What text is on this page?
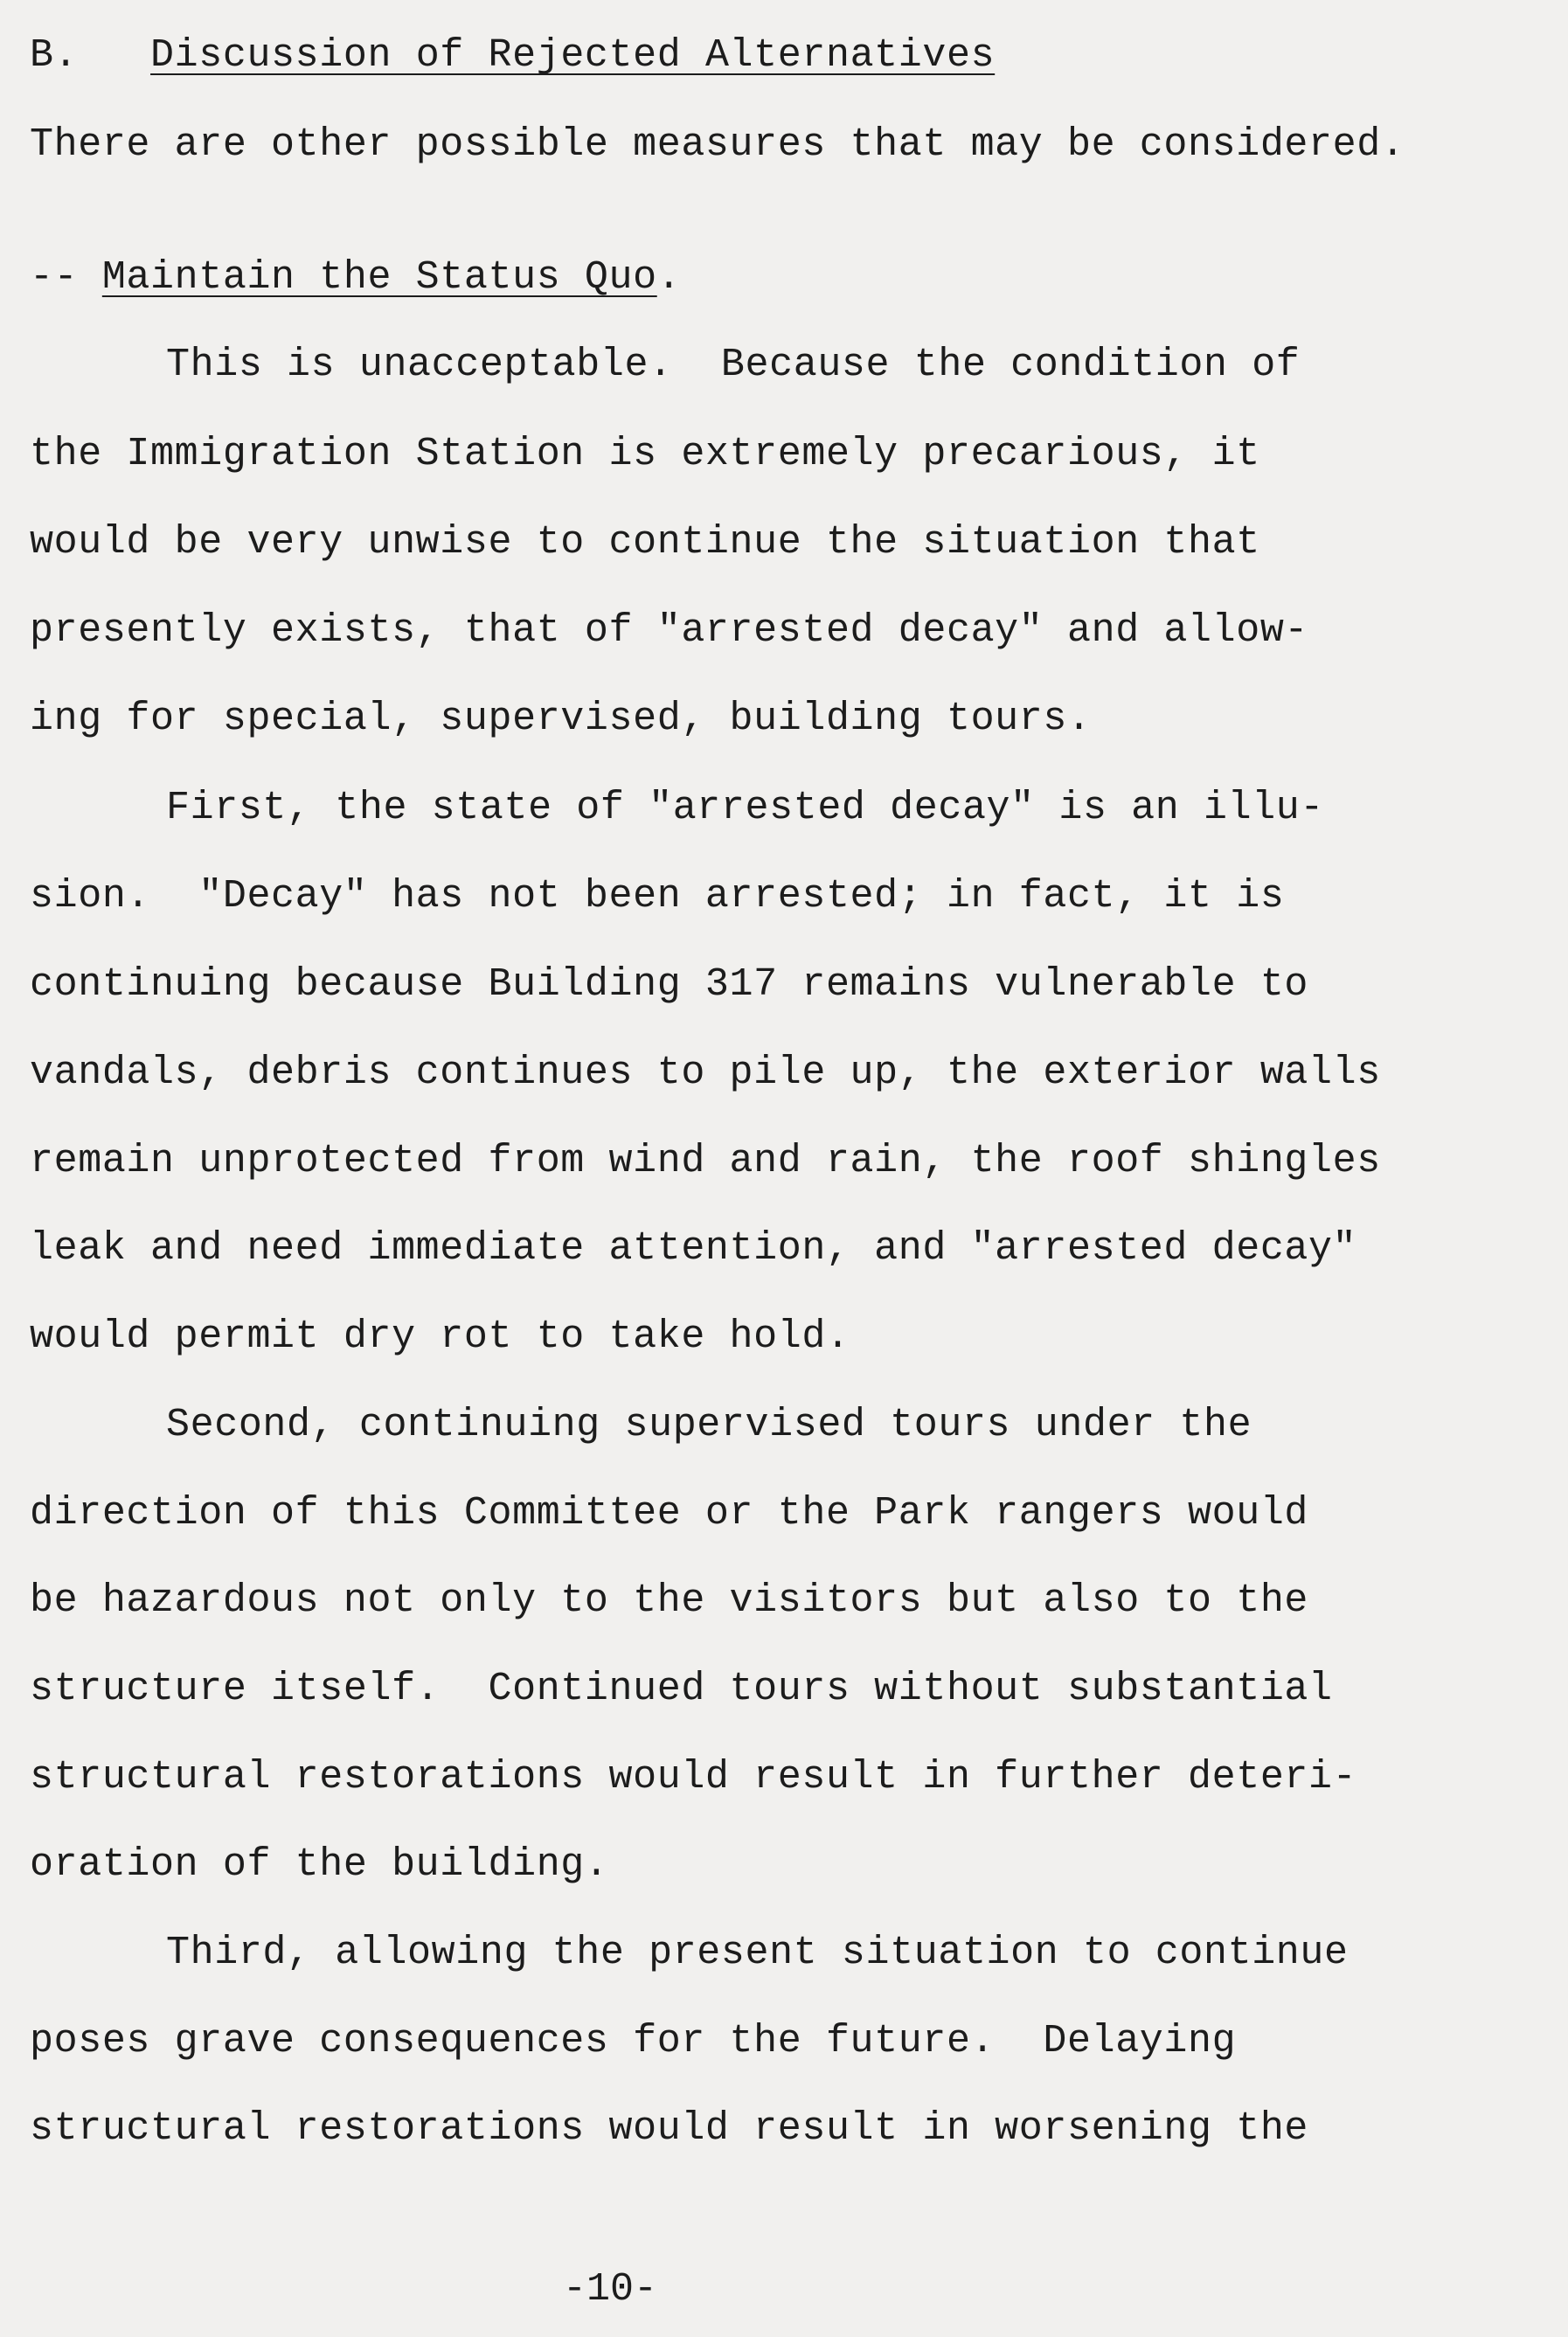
B. Discussion of Rejected Alternatives
There are other possible measures that may be considered.
-- Maintain the Status Quo.
This is unacceptable.  Because the condition of
the Immigration Station is extremely precarious, it
would be very unwise to continue the situation that
presently exists, that of "arrested decay" and allow-
ing for special, supervised, building tours.
First, the state of "arrested decay" is an illu-
sion.  "Decay" has not been arrested; in fact, it is
continuing because Building 317 remains vulnerable to
vandals, debris continues to pile up, the exterior walls
remain unprotected from wind and rain, the roof shingles
leak and need immediate attention, and "arrested decay"
would permit dry rot to take hold.
Second, continuing supervised tours under the
direction of this Committee or the Park rangers would
be hazardous not only to the visitors but also to the
structure itself.  Continued tours without substantial
structural restorations would result in further deteri-
oration of the building.
Third, allowing the present situation to continue
poses grave consequences for the future.  Delaying
structural restorations would result in worsening the
-10-
